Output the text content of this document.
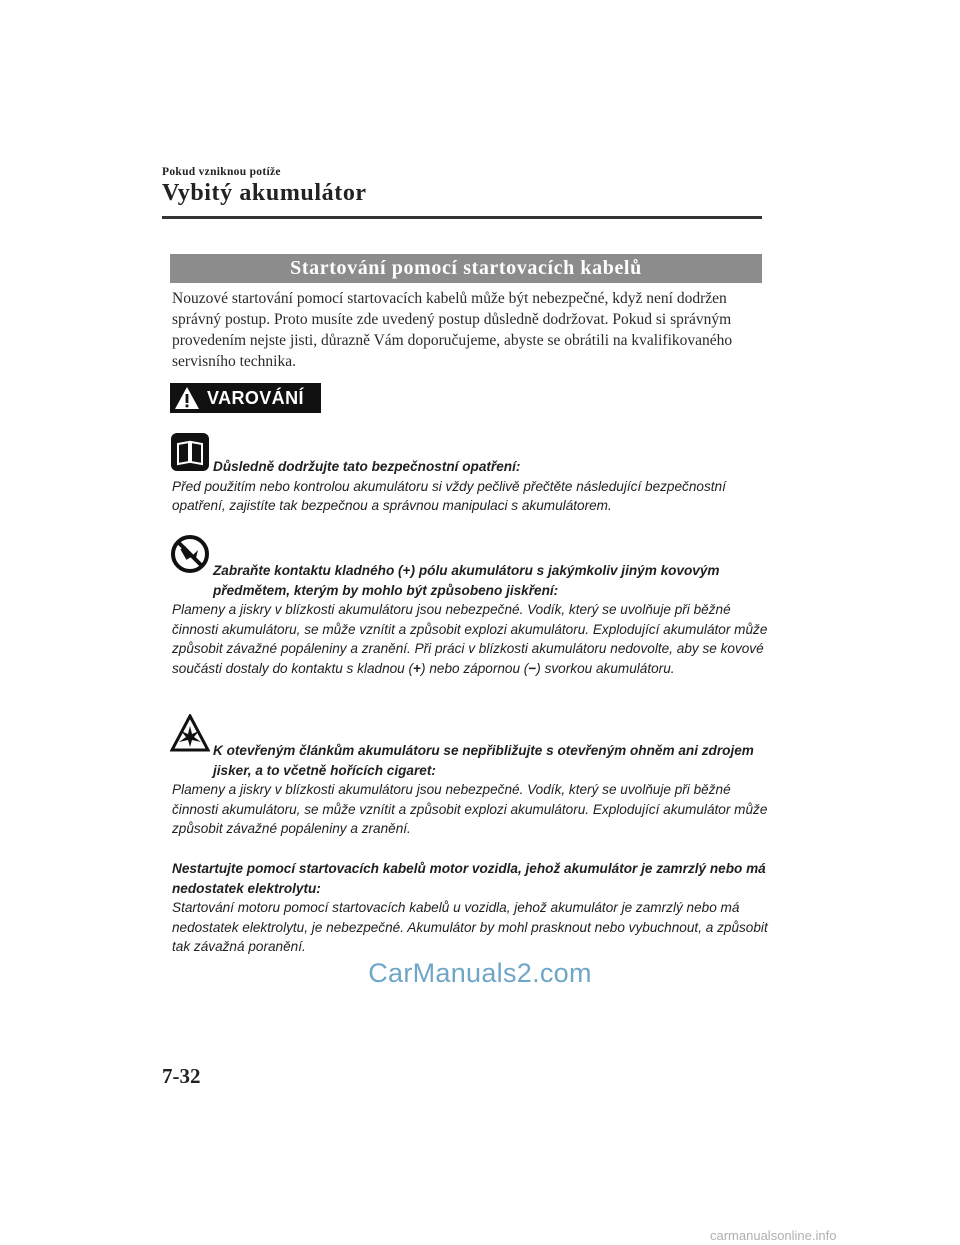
Pokud vzniknou potíže
Vybitý akumulátor
Startování pomocí startovacích kabelů
Nouzové startování pomocí startovacích kabelů může být nebezpečné, když není dodržen správný postup. Proto musíte zde uvedený postup důsledně dodržovat. Pokud si správným provedením nejste jisti, důrazně Vám doporučujeme, abyste se obrátili na kvalifikovaného servisního technika.
VAROVÁNÍ
Důsledně dodržujte tato bezpečnostní opatření:
Před použitím nebo kontrolou akumulátoru si vždy pečlivě přečtěte následující bezpečnostní opatření, zajistíte tak bezpečnou a správnou manipulaci s akumulátorem.
Zabraňte kontaktu kladného (+) pólu akumulátoru s jakýmkoliv jiným kovovým předmětem, kterým by mohlo být způsobeno jiskření:
Plameny a jiskry v blízkosti akumulátoru jsou nebezpečné. Vodík, který se uvolňuje při běžné činnosti akumulátoru, se může vznítit a způsobit explozi akumulátoru. Explodující akumulátor může způsobit závažné popáleniny a zranění. Při práci v blízkosti akumulátoru nedovolte, aby se kovové součásti dostaly do kontaktu s kladnou (+) nebo zápornou (−) svorkou akumulátoru.
K otevřeným článkům akumulátoru se nepřibližujte s otevřeným ohněm ani zdrojem jisker, a to včetně hořících cigaret:
Plameny a jiskry v blízkosti akumulátoru jsou nebezpečné. Vodík, který se uvolňuje při běžné činnosti akumulátoru, se může vznítit a způsobit explozi akumulátoru. Explodující akumulátor může způsobit závažné popáleniny a zranění.
Nestartujte pomocí startovacích kabelů motor vozidla, jehož akumulátor je zamrzlý nebo má nedostatek elektrolytu:
Startování motoru pomocí startovacích kabelů u vozidla, jehož akumulátor je zamrzlý nebo má nedostatek elektrolytu, je nebezpečné. Akumulátor by mohl prasknout nebo vybuchnout, a způsobit tak závažná poranění.
CarManuals2.com
7-32
carmanualsonline.info
